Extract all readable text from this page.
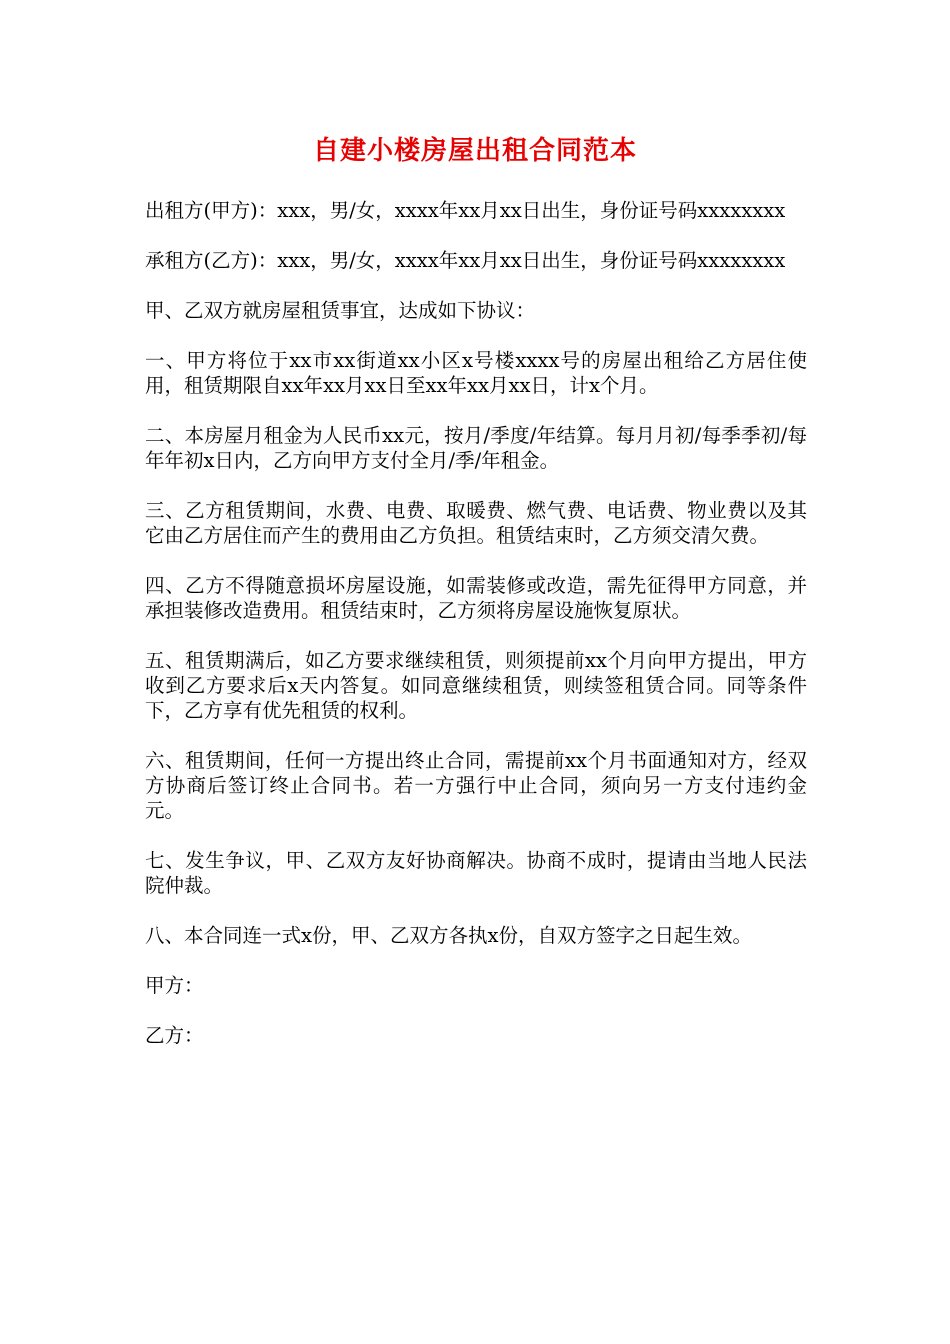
自建小楼房屋出租合同范本

出租方(甲方)：xxx，男/女，xxxx年xx月xx日出生，身份证号码xxxxxxxx

承租方(乙方)：xxx，男/女，xxxx年xx月xx日出生，身份证号码xxxxxxxx

甲、乙双方就房屋租赁事宜，达成如下协议：

一、甲方将位于xx市xx街道xx小区x号楼xxxx号的房屋出租给乙方居住使用，租赁期限自xx年xx月xx日至xx年xx月xx日，计x个月。

二、本房屋月租金为人民币xx元，按月/季度/年结算。每月月初/每季季初/每年年初x日内，乙方向甲方支付全月/季/年租金。

三、乙方租赁期间，水费、电费、取暖费、燃气费、电话费、物业费以及其它由乙方居住而产生的费用由乙方负担。租赁结束时，乙方须交清欠费。

四、乙方不得随意损坏房屋设施，如需装修或改造，需先征得甲方同意，并承担装修改造费用。租赁结束时，乙方须将房屋设施恢复原状。

五、租赁期满后，如乙方要求继续租赁，则须提前xx个月向甲方提出，甲方收到乙方要求后x天内答复。如同意继续租赁，则续签租赁合同。同等条件下，乙方享有优先租赁的权利。

六、租赁期间，任何一方提出终止合同，需提前xx个月书面通知对方，经双方协商后签订终止合同书。若一方强行中止合同，须向另一方支付违约金 元。

七、发生争议，甲、乙双方友好协商解决。协商不成时，提请由当地人民法院仲裁。

八、本合同连一式x份，甲、乙双方各执x份，自双方签字之日起生效。

甲方：

乙方：
